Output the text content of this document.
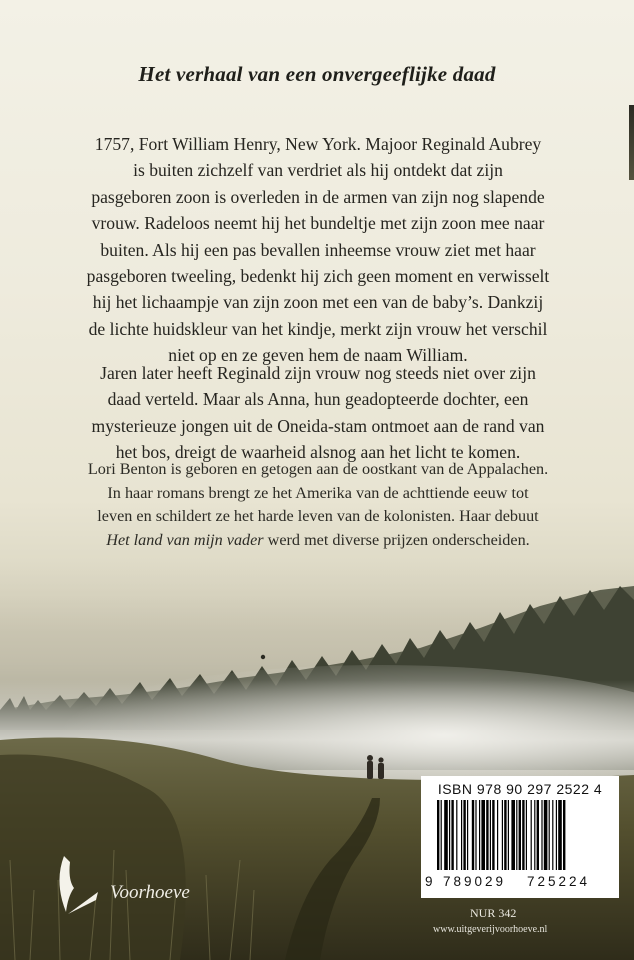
Het verhaal van een onvergeeflijke daad
1757, Fort William Henry, New York. Majoor Reginald Aubrey
is buiten zichzelf van verdriet als hij ontdekt dat zijn
pasgeboren zoon is overleden in de armen van zijn nog slapende
vrouw. Radeloos neemt hij het bundeltje met zijn zoon mee naar
buiten. Als hij een pas bevallen inheemse vrouw ziet met haar
pasgeboren tweeling, bedenkt hij zich geen moment en verwisselt
hij het lichaampje van zijn zoon met een van de baby’s. Dankzij
de lichte huidskleur van het kindje, merkt zijn vrouw het verschil
niet op en ze geven hem de naam William.
Jaren later heeft Reginald zijn vrouw nog steeds niet over zijn
daad verteld. Maar als Anna, hun geadopteerde dochter, een
mysterieuze jongen uit de Oneida-stam ontmoet aan de rand van
het bos, dreigt de waarheid alsnog aan het licht te komen.
Lori Benton is geboren en getogen aan de oostkant van de Appalachen.
In haar romans brengt ze het Amerika van de achttiende eeuw tot
leven en schildert ze het harde leven van de kolonisten. Haar debuut
Het land van mijn vader werd met diverse prijzen onderscheiden.
Voorhoeve
ISBN 978 90 297 2522 4
9 789029 725224
NUR 342
www.uitgeverijvoorhoeve.nl
